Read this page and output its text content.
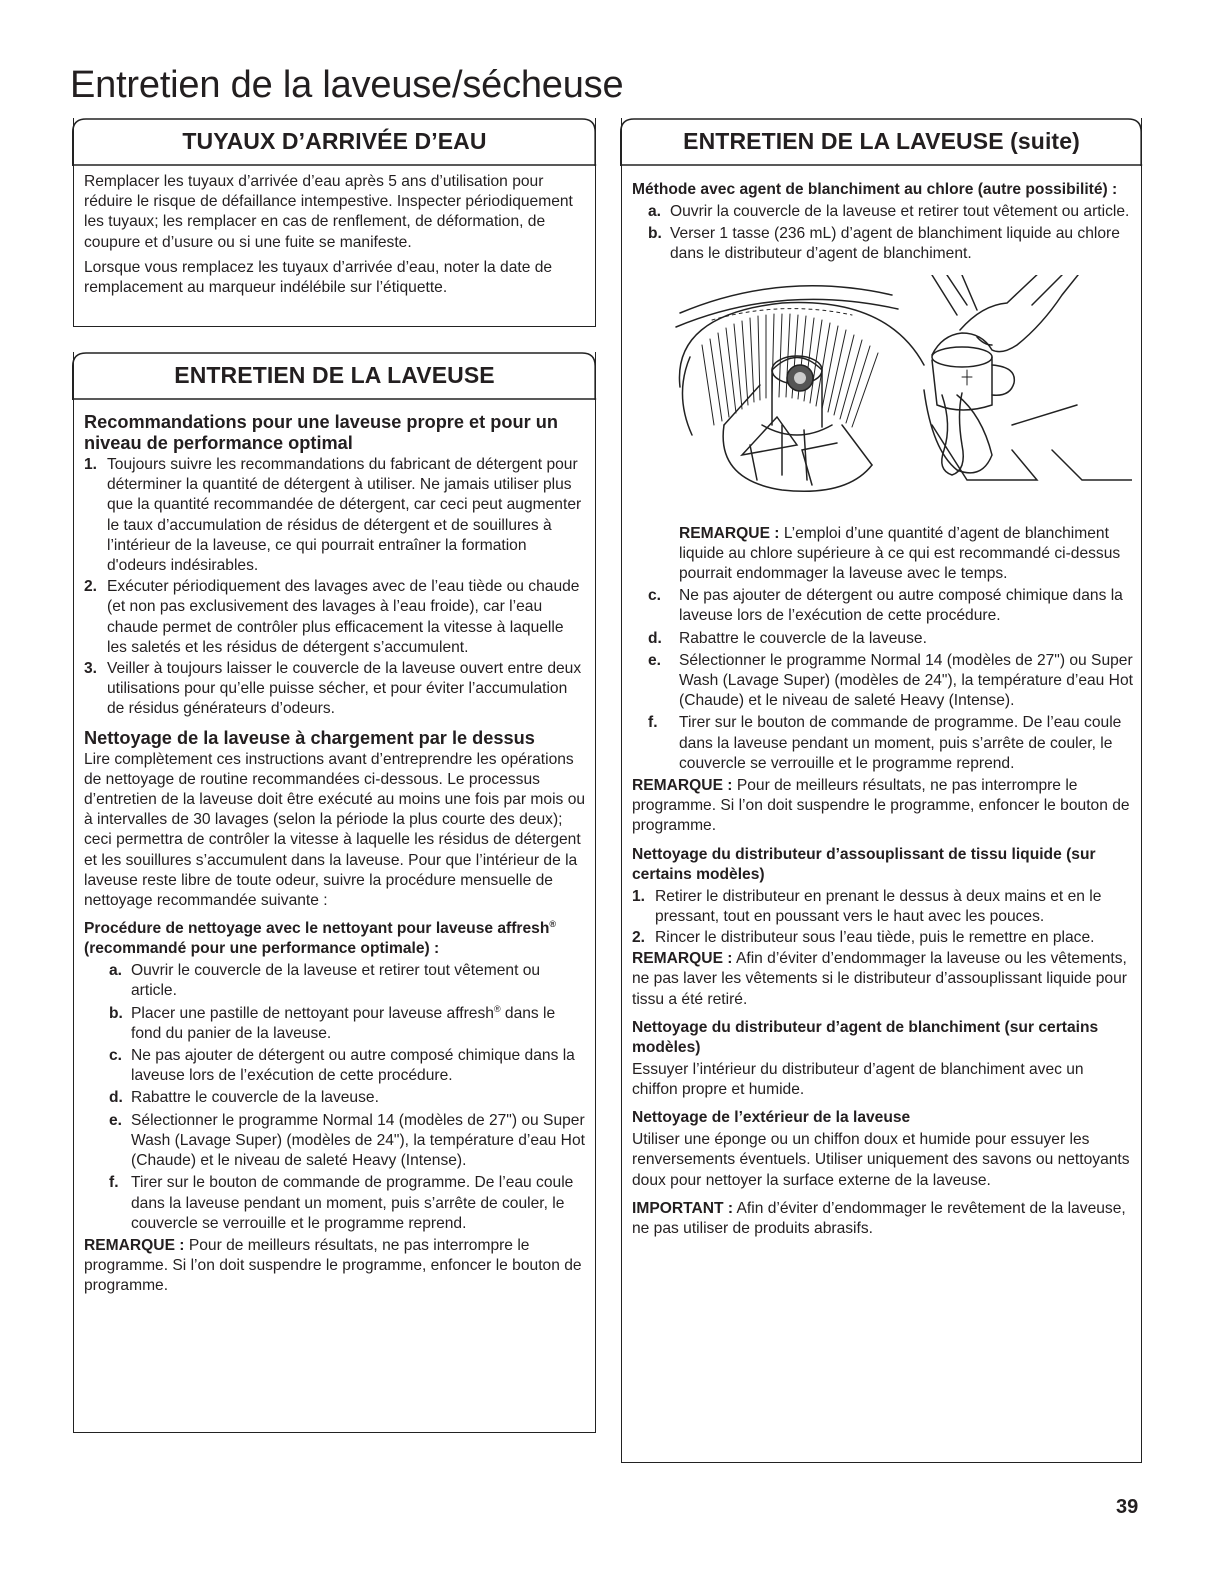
Entretien de la laveuse/sécheuse
TUYAUX D’ARRIVÉE D’EAU

Remplacer les tuyaux d’arrivée d’eau après 5 ans d’utilisation pour réduire le risque de défaillance intempestive. Inspecter périodiquement les tuyaux; les remplacer en cas de renflement, de déformation, de coupure et d’usure ou si une fuite se manifeste.

Lorsque vous remplacez les tuyaux d’arrivée d’eau, noter la date de remplacement au marqueur indélébile sur l’étiquette.

ENTRETIEN DE LA LAVEUSE
Recommandations pour une laveuse propre et pour un niveau de performance optimal
1. Toujours suivre les recommandations du fabricant de détergent pour déterminer la quantité de détergent à utiliser. Ne jamais utiliser plus que la quantité recommandée de détergent, car ceci peut augmenter le taux d’accumulation de résidus de détergent et de souillures à l’intérieur de la laveuse, ce qui pourrait entraîner la formation d'odeurs indésirables.
2. Exécuter périodiquement des lavages avec de l’eau tiède ou chaude (et non pas exclusivement des lavages à l’eau froide), car l’eau chaude permet de contrôler plus efficacement la vitesse à laquelle les saletés et les résidus de détergent s’accumulent.
3. Veiller à toujours laisser le couvercle de la laveuse ouvert entre deux utilisations pour qu’elle puisse sécher, et pour éviter l’accumulation de résidus générateurs d’odeurs.
Nettoyage de la laveuse à chargement par le dessus

Lire complètement ces instructions avant d’entreprendre les opérations de nettoyage de routine recommandées ci-dessous. Le processus d’entretien de la laveuse doit être exécuté au moins une fois par mois ou à intervalles de 30 lavages (selon la période la plus courte des deux); ceci permettra de contrôler la vitesse à laquelle les résidus de détergent et les souillures s’accumulent dans la laveuse. Pour que l’intérieur de la laveuse reste libre de toute odeur, suivre la procédure mensuelle de nettoyage recommandée suivante :

Procédure de nettoyage avec le nettoyant pour laveuse affresh® (recommandé pour une performance optimale) :
a. Ouvrir le couvercle de la laveuse et retirer tout vêtement ou article.
b. Placer une pastille de nettoyant pour laveuse affresh® dans le fond du panier de la laveuse.
c. Ne pas ajouter de détergent ou autre composé chimique dans la laveuse lors de l’exécution de cette procédure.
d. Rabattre le couvercle de la laveuse.
e. Sélectionner le programme Normal 14 (modèles de 27") ou Super Wash (Lavage Super) (modèles de 24"), la température d’eau Hot (Chaude) et le niveau de saleté Heavy (Intense).
f. Tirer sur le bouton de commande de programme. De l’eau coule dans la laveuse pendant un moment, puis s’arrête de couler, le couvercle se verrouille et le programme reprend.

REMARQUE : Pour de meilleurs résultats, ne pas interrompre le programme. Si l’on doit suspendre le programme, enfoncer le bouton de programme.

ENTRETIEN DE LA LAVEUSE (suite)
Méthode avec agent de blanchiment au chlore (autre possibilité) :
a. Ouvrir la couvercle de la laveuse et retirer tout vêtement ou article.
b. Verser 1 tasse (236 mL) d’agent de blanchiment liquide au chlore dans le distributeur d’agent de blanchiment.

REMARQUE : L’emploi d’une quantité d’agent de blanchiment liquide au chlore supérieure à ce qui est recommandé ci-dessus pourrait endommager la laveuse avec le temps.

c. Ne pas ajouter de détergent ou autre composé chimique dans la laveuse lors de l’exécution de cette procédure.
d. Rabattre le couvercle de la laveuse.
e. Sélectionner le programme Normal 14 (modèles de 27") ou Super Wash (Lavage Super) (modèles de 24"), la température d’eau Hot (Chaude) et le niveau de saleté Heavy (Intense).
f. Tirer sur le bouton de commande de programme. De l’eau coule dans la laveuse pendant un moment, puis s’arrête de couler, le couvercle se verrouille et le programme reprend.

REMARQUE : Pour de meilleurs résultats, ne pas interrompre le programme. Si l’on doit suspendre le programme, enfoncer le bouton de programme.

Nettoyage du distributeur d’assouplissant de tissu liquide (sur certains modèles)
1. Retirer le distributeur en prenant le dessus à deux mains et en le pressant, tout en poussant vers le haut avec les pouces.
2. Rincer le distributeur sous l’eau tiède, puis le remettre en place.

REMARQUE : Afin d’éviter d’endommager la laveuse ou les vêtements, ne pas laver les vêtements si le distributeur d’assouplissant liquide pour tissu a été retiré.

Nettoyage du distributeur d’agent de blanchiment (sur certains modèles)

Essuyer l’intérieur du distributeur d’agent de blanchiment avec un chiffon propre et humide.

Nettoyage de l’extérieur de la laveuse

Utiliser une éponge ou un chiffon doux et humide pour essuyer les renversements éventuels. Utiliser uniquement des savons ou nettoyants doux pour nettoyer la surface externe de la laveuse.

IMPORTANT : Afin d’éviter d’endommager le revêtement de la laveuse, ne pas utiliser de produits abrasifs.

39
